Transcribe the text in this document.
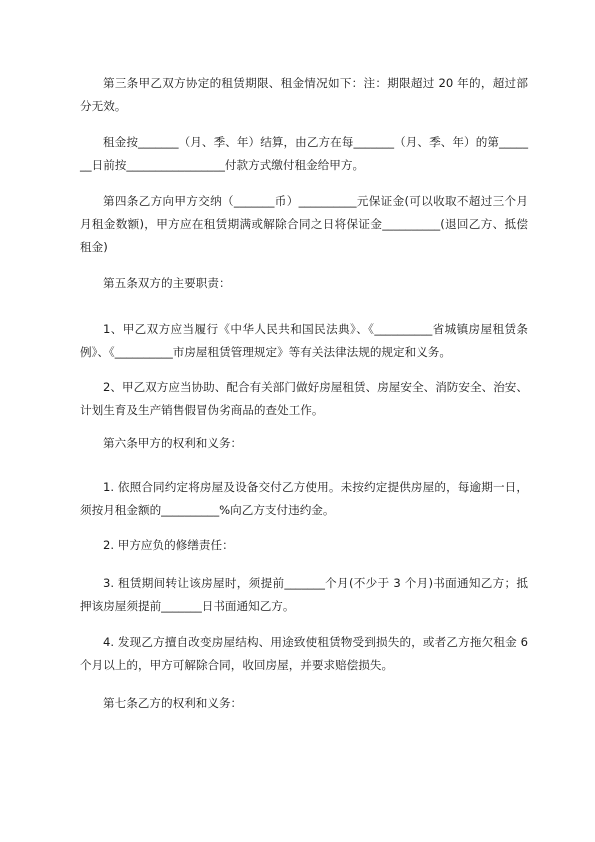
第三条甲乙双方协定的租赁期限、租金情况如下：注：期限超过 20 年的，超过部分无效。

租金按_______（月、季、年）结算，由乙方在每_______（月、季、年）的第_______日前按_________________付款方式缴付租金给甲方。

第四条乙方向甲方交纳（_______币）__________元保证金(可以收取不超过三个月月租金数额)，甲方应在租赁期满或解除合同之日将保证金__________(退回乙方、抵偿租金)

第五条双方的主要职责：

1、甲乙双方应当履行《中华人民共和国民法典》、《__________省城镇房屋租赁条例》、《__________市房屋租赁管理规定》等有关法律法规的规定和义务。

2、甲乙双方应当协助、配合有关部门做好房屋租赁、房屋安全、消防安全、治安、计划生育及生产销售假冒伪劣商品的查处工作。

第六条甲方的权利和义务：

1. 依照合同约定将房屋及设备交付乙方使用。未按约定提供房屋的，每逾期一日，须按月租金额的__________%向乙方支付违约金。

2. 甲方应负的修缮责任：

3. 租赁期间转让该房屋时，须提前_______个月(不少于 3 个月)书面通知乙方；抵押该房屋须提前_______日书面通知乙方。

4. 发现乙方擅自改变房屋结构、用途致使租赁物受到损失的，或者乙方拖欠租金 6 个月以上的，甲方可解除合同，收回房屋，并要求赔偿损失。

第七条乙方的权利和义务：
